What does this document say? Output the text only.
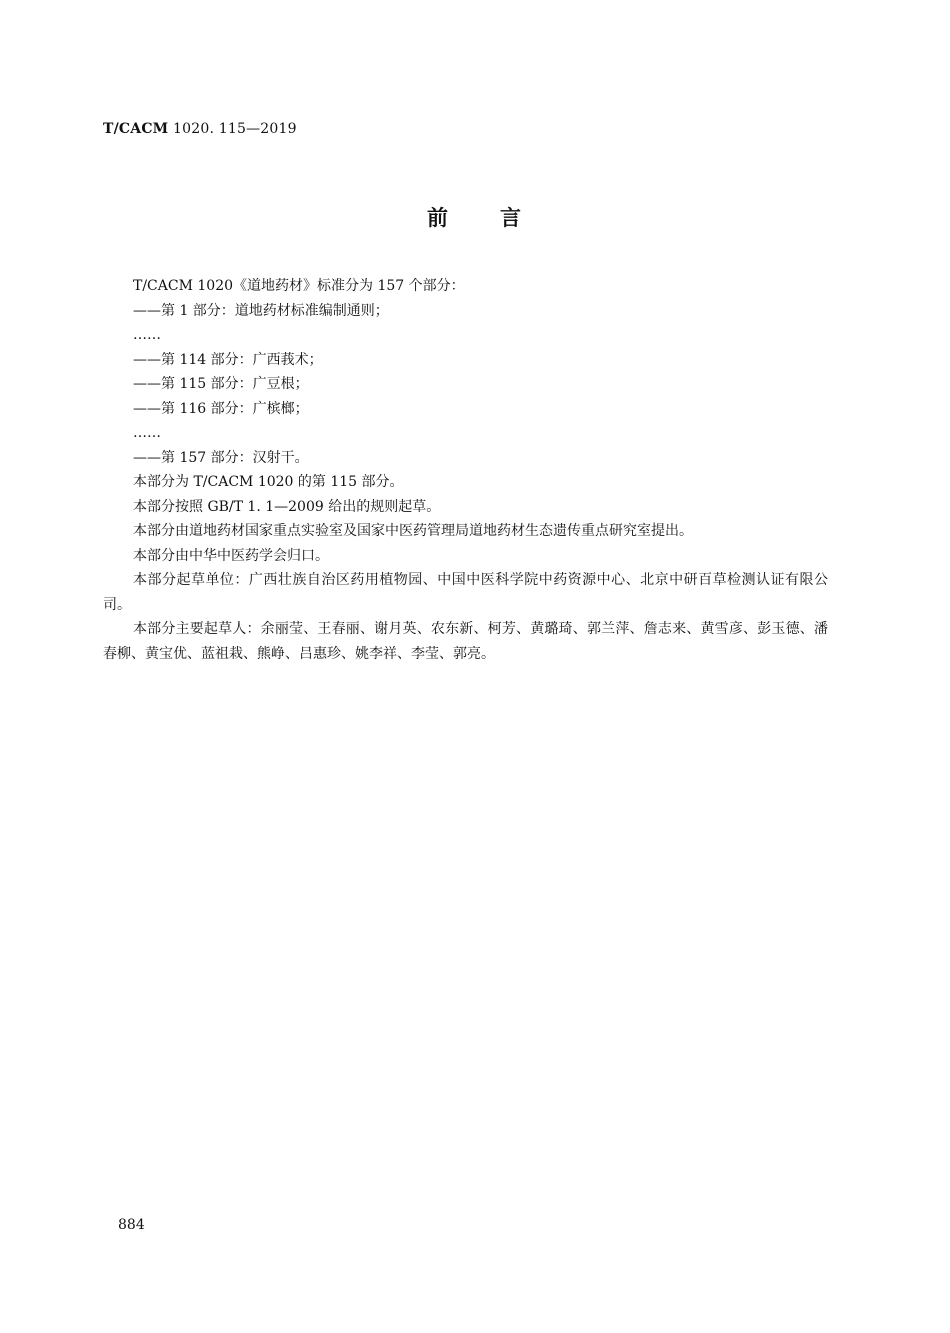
T/CACM 1020. 115—2019
前 言
T/CACM 1020《道地药材》标准分为 157 个部分：
——第 1 部分：道地药材标准编制通则；
……
——第 114 部分：广西莪术；
——第 115 部分：广豆根；
——第 116 部分：广槟榔；
……
——第 157 部分：汉射干。
本部分为 T/CACM 1020 的第 115 部分。
本部分按照 GB/T 1. 1—2009 给出的规则起草。
本部分由道地药材国家重点实验室及国家中医药管理局道地药材生态遗传重点研究室提出。
本部分由中华中医药学会归口。
本部分起草单位：广西壮族自治区药用植物园、中国中医科学院中药资源中心、北京中研百草检测认证有限公司。
本部分主要起草人：余丽莹、王春丽、谢月英、农东新、柯芳、黄璐琦、郭兰萍、詹志来、黄雪彦、彭玉德、潘春柳、黄宝优、蓝祖栽、熊峥、吕惠珍、姚李祥、李莹、郭亮。
884
